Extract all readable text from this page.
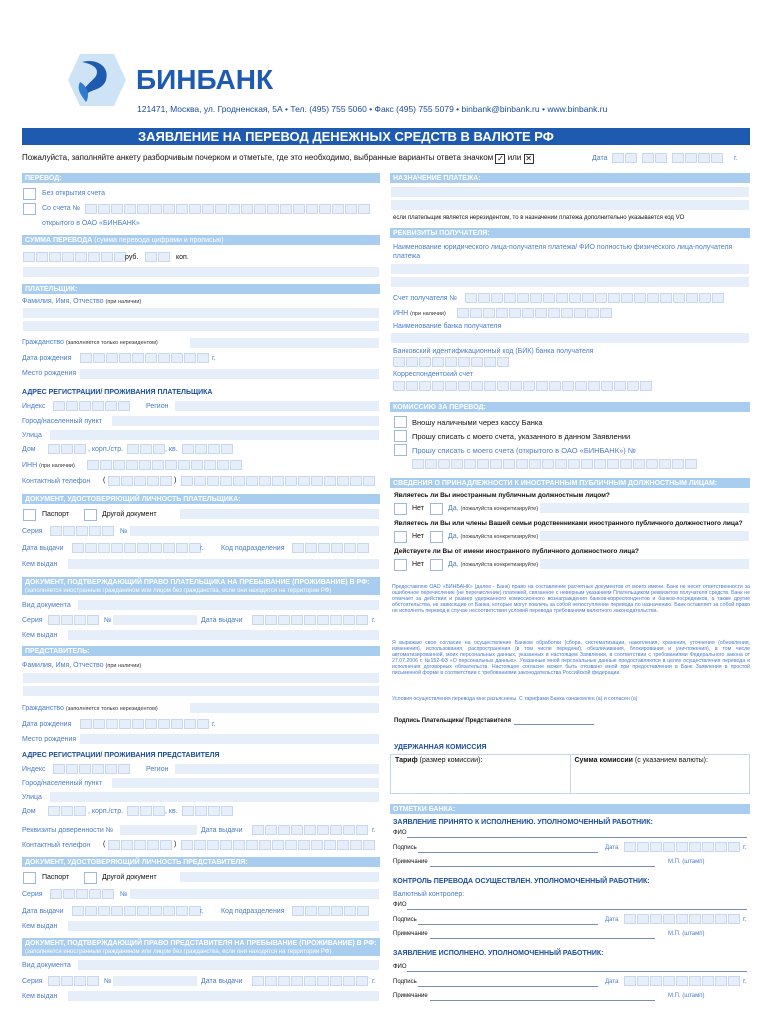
БИНБАНК
121471, Москва, ул. Гродненская, 5А • Тел. (495) 755 5060 • Факс (495) 755 5079 • binbank@binbank.ru • www.binbank.ru
ЗАЯВЛЕНИЕ НА ПЕРЕВОД ДЕНЕЖНЫХ СРЕДСТВ В ВАЛЮТЕ РФ
Пожалуйста, заполняйте анкету разборчивым почерком и отметьте, где это необходимо, выбранные варианты ответа значком ✓ или ✕	Дата	г.
ПЕРЕВОД:
Без открытия счета
Со счета №
открытого в ОАО «БИНБАНК»
СУММА ПЕРЕВОДА (сумма перевода цифрами и прописью)
руб.	коп.
ПЛАТЕЛЬЩИК:
Фамилия, Имя, Отчество (при наличии)
Гражданство (заполняется только нерезидентом)
Дата рождения	г.
Место рождения
АДРЕС РЕГИСТРАЦИИ/ ПРОЖИВАНИЯ ПЛАТЕЛЬЩИКА
Индекс	Регион
Город/населенный пункт
Улица
Дом	, корп./стр.	, кв.
ИНН (при наличии)
Контактный телефон (	)
ДОКУМЕНТ, УДОСТОВЕРЯЮЩИЙ ЛИЧНОСТЬ ПЛАТЕЛЬЩИКА:
Паспорт	Другой документ
Серия	№
Дата выдачи	г. Код подразделения
Кем выдан
ДОКУМЕНТ, ПОДТВЕРЖДАЮЩИЙ ПРАВО ПЛАТЕЛЬЩИКА НА ПРЕБЫВАНИЕ (ПРОЖИВАНИЕ) В РФ:
(заполняется иностранным гражданином или лицом без гражданства, если они находятся на территории РФ)
Вид документа
Серия	№	Дата выдачи	г.
Кем выдан
ПРЕДСТАВИТЕЛЬ:
Фамилия, Имя, Отчество (при наличии)
Гражданство (заполняется только нерезидентом)
Дата рождения	г.
Место рождения
АДРЕС РЕГИСТРАЦИИ/ ПРОЖИВАНИЯ ПРЕДСТАВИТЕЛЯ
Индекс	Регион
Город/населенный пункт
Улица
Дом	, корп./стр.	, кв.
Реквизиты доверенности №	Дата выдачи	г.
Контактный телефон (	)
ДОКУМЕНТ, УДОСТОВЕРЯЮЩИЙ ЛИЧНОСТЬ ПРЕДСТАВИТЕЛЯ:
Паспорт	Другой документ
Серия	№
Дата выдачи	г. Код подразделения
Кем выдан
ДОКУМЕНТ, ПОДТВЕРЖДАЮЩИЙ ПРАВО ПРЕДСТАВИТЕЛЯ НА ПРЕБЫВАНИЕ (ПРОЖИВАНИЕ) В РФ:
(заполняется иностранным гражданином или лицом без гражданства, если они находятся на территории РФ)
Вид документа
Серия	№	Дата выдачи	г.
Кем выдан
НАЗНАЧЕНИЕ ПЛАТЕЖА:
если плательщик является нерезидентом, то в назначении платежа дополнительно указывается код VO
РЕКВИЗИТЫ ПОЛУЧАТЕЛЯ:
Наименование юридического лица-получателя платежа/ ФИО полностью физического лица-получателя платежа
Счет получателя №
ИНН (при наличии)
Наименование банка получателя
Банковский идентификационный код (БИК) банка получателя
Корреспондентский счет
КОМИССИЮ ЗА ПЕРЕВОД:
Вношу наличными через кассу Банка
Прошу списать с моего счета, указанного в данном Заявлении
Прошу списать с моего счета (открытого в ОАО «БИНБАНК») №
СВЕДЕНИЯ О ПРИНАДЛЕЖНОСТИ К ИНОСТРАННЫМ ПУБЛИЧНЫМ ДОЛЖНОСТНЫМ ЛИЦАМ:
Являетесь ли Вы иностранным публичным должностным лицом?
Нет	Да, (пожалуйста конкретизируйте)
Являетесь ли Вы или члены Вашей семьи родственниками иностранного публичного должностного лица?
Нет	Да, (пожалуйста конкретизируйте)
Действуете ли Вы от имени иностранного публичного должностного лица?
Нет	Да, (пожалуйста конкретизируйте)
Предоставляю ОАО «БИНБАНК» (далее - Банк) право на составление расчетных документов от моего имени. Банк не несет ответственности за ошибочное перечисление (не перечисление) платежей, связанное с неверным указанием Плательщиком реквизитов получателя средств. Банк не отвечает за действия и размер удержанного комиссионного вознаграждения банков-корреспондентов и банков-посредников, а также другие обстоятельства, не зависящие от Банка, которые могут повлечь за собой непоступление перевода по назначению. Банк оставляет за собой право не исполнять перевод в случае несоответствия условий перевода требованиям валютного законодательства.
Я выражаю свое согласие на осуществление Банком обработки (сбора, систематизации, накопления, хранения, уточнения (обновления, изменения), использования, распространения (в том числе передачи), обезличивания, блокирования и уничтожения), в том числе автоматизированной, моих персональных данных, указанных в настоящем Заявлении, в соответствии с требованиями Федерального закона от 27.07.2006 г. №152-ФЗ «О персональных данных». Указанные мной персональные данные предоставляются в целях осуществления перевода и исполнения договорных обязательств. Настоящее согласие может быть отозвано мной при предоставлении в Банк Заявления в простой письменной форме в соответствии с требованиями законодательства Российской федерации.
Условия осуществления перевода мне разъяснены. С тарифами Банка ознакомлен (а) и согласен (а)
Подпись Плательщика/ Представителя
УДЕРЖАННАЯ КОМИССИЯ
Тариф (размер комиссии):	Сумма комиссии (с указанием валюты):
ОТМЕТКИ БАНКА:
ЗАЯВЛЕНИЕ ПРИНЯТО К ИСПОЛНЕНИЮ. УПОЛНОМОЧЕННЫЙ РАБОТНИК:
ФИО
Подпись	Дата	г.
Примечание	М.П. (штамп)
КОНТРОЛЬ ПЕРЕВОДА ОСУЩЕСТВЛЕН. УПОЛНОМОЧЕННЫЙ РАБОТНИК:
Валютный контролер:
ФИО
Подпись	Дата	г.
Примечание	М.П. (штамп)
ЗАЯВЛЕНИЕ ИСПОЛНЕНО. УПОЛНОМОЧЕННЫЙ РАБОТНИК:
ФИО
Подпись	Дата	г.
Примечание	М.П. (штамп)
